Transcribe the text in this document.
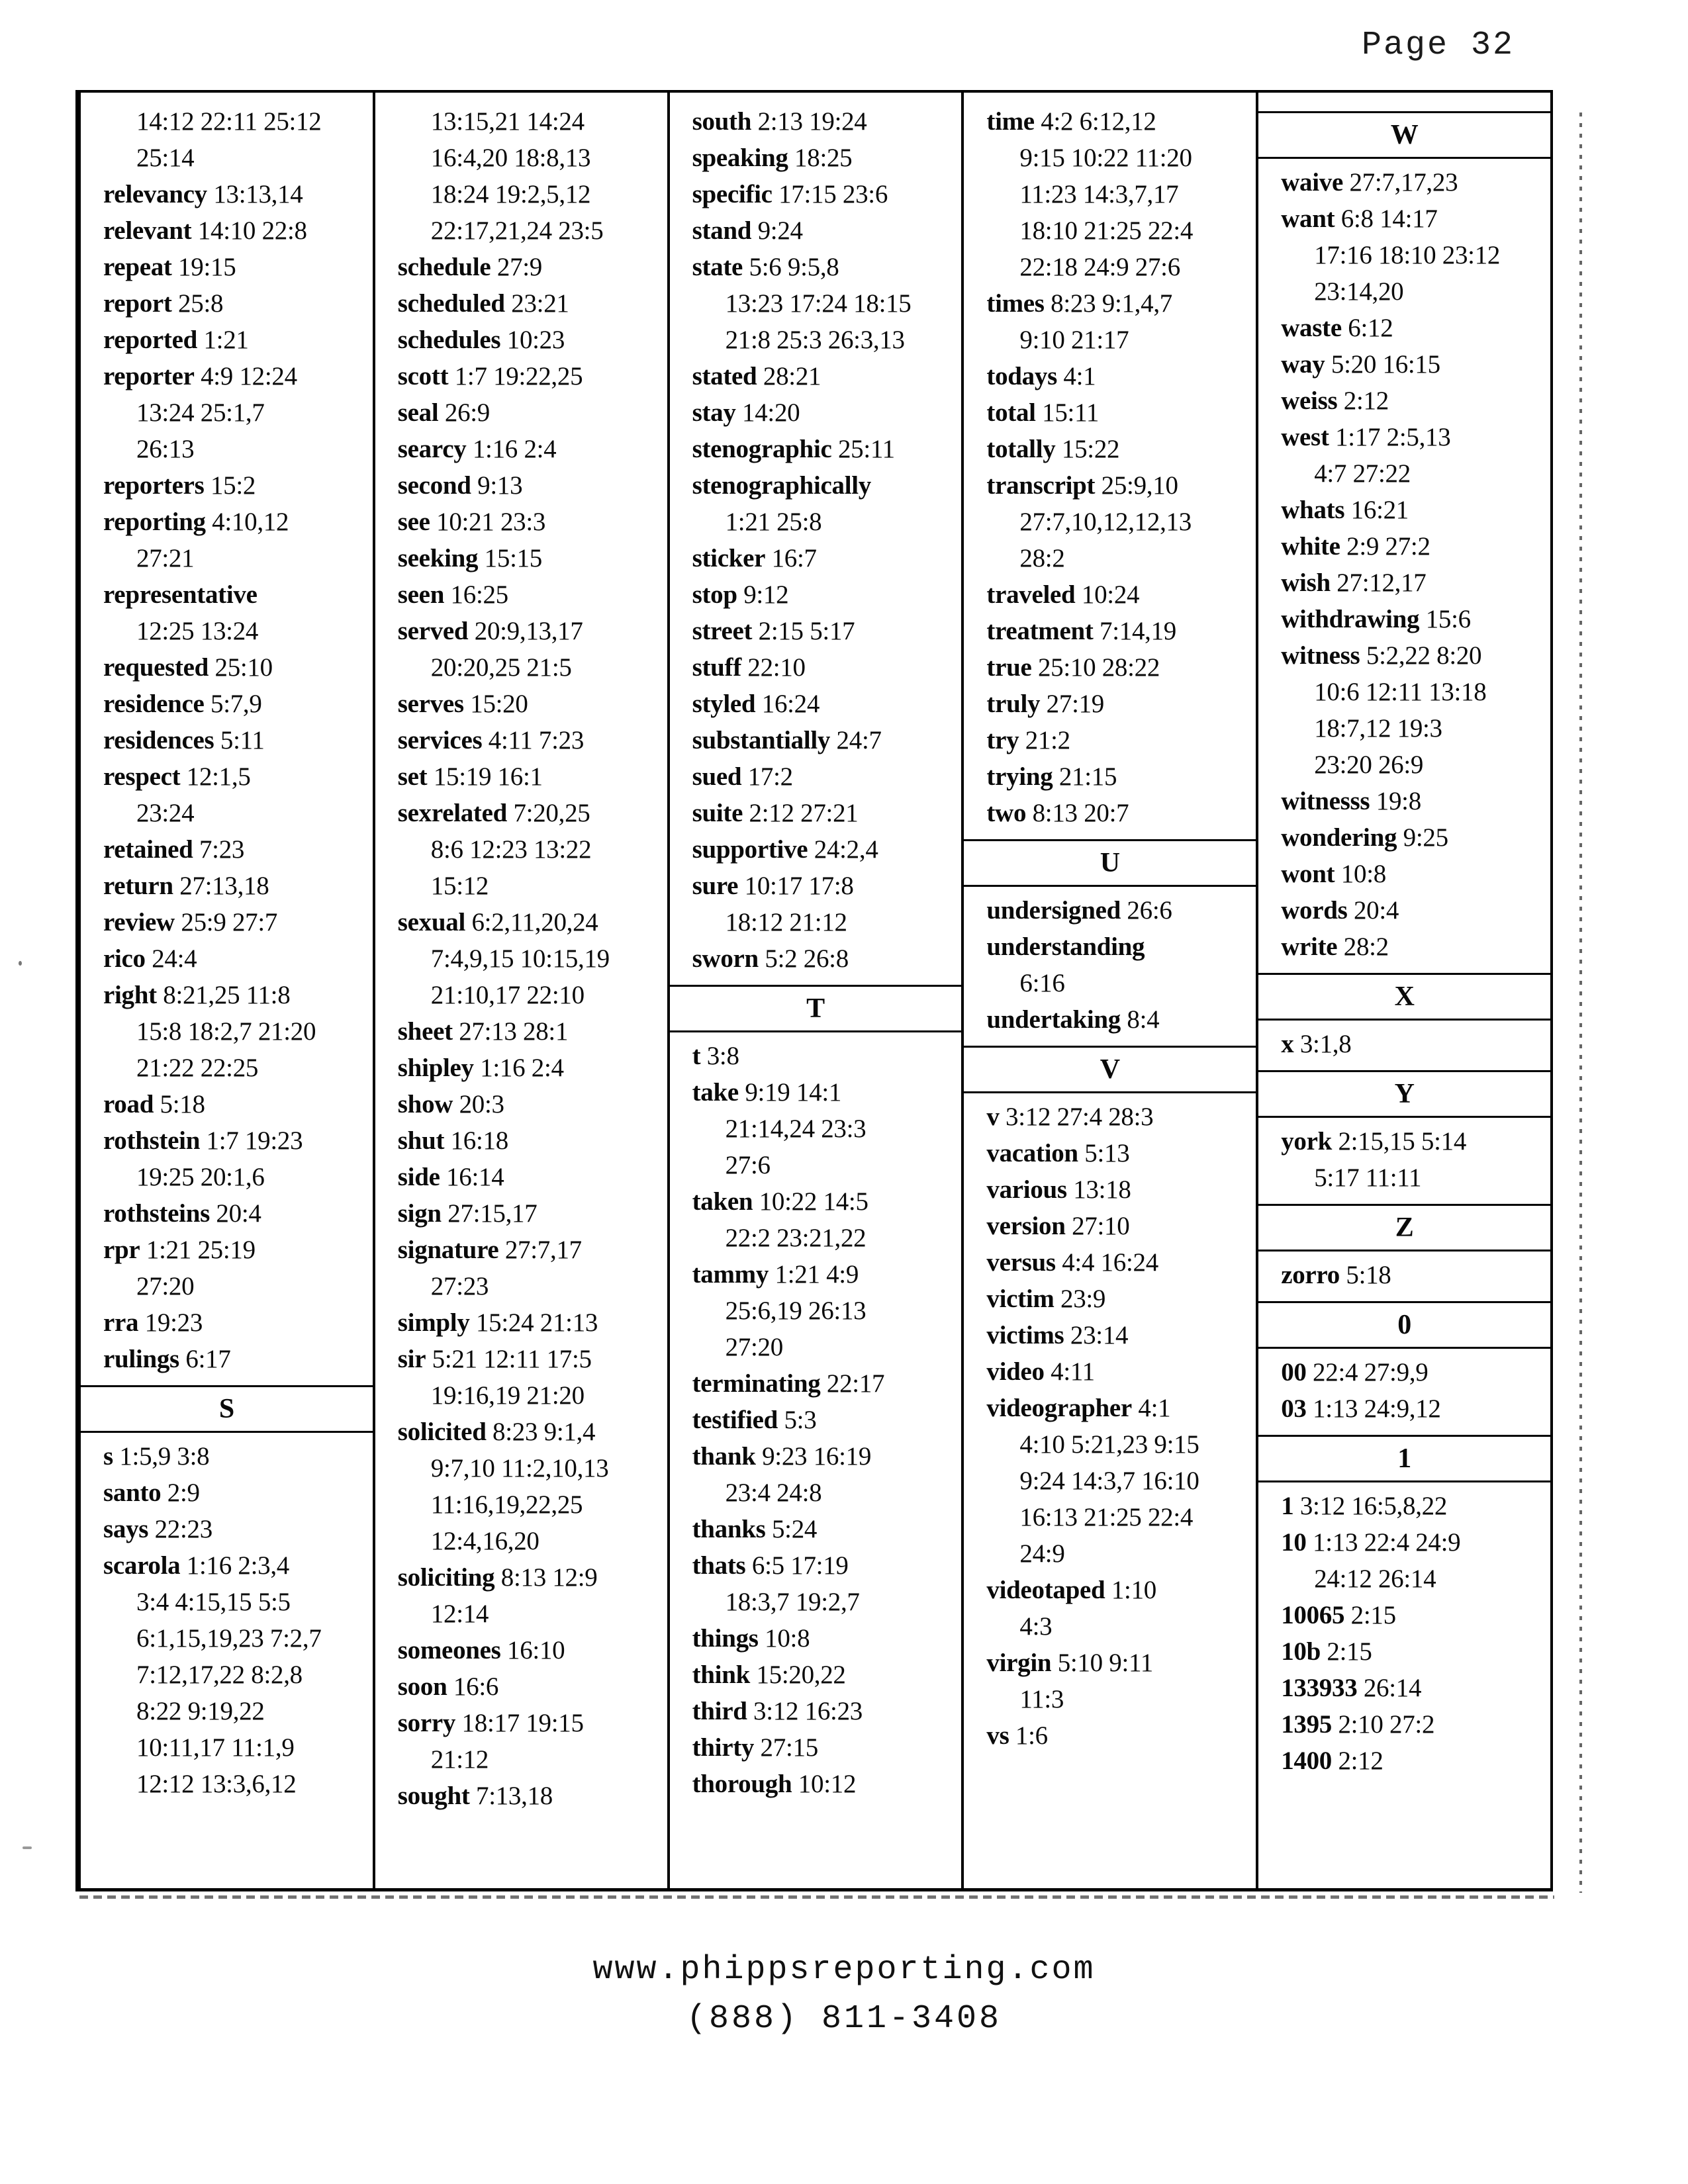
Page 32
14:12 22:11 25:12
25:14
relevancy 13:13,14
relevant 14:10 22:8
repeat 19:15
report 25:8
reported 1:21
reporter 4:9 12:24
13:24 25:1,7
26:13
reporters 15:2
reporting 4:10,12
27:21
representative
12:25 13:24
requested 25:10
residence 5:7,9
residences 5:11
respect 12:1,5
23:24
retained 7:23
return 27:13,18
review 25:9 27:7
rico 24:4
right 8:21,25 11:8
15:8 18:2,7 21:20
21:22 22:25
road 5:18
rothstein 1:7 19:23
19:25 20:1,6
rothsteins 20:4
rpr 1:21 25:19
27:20
rra 19:23
rulings 6:17
S
s 1:5,9 3:8
santo 2:9
says 22:23
scarola 1:16 2:3,4
3:4 4:15,15 5:5
6:1,15,19,23 7:2,7
7:12,17,22 8:2,8
8:22 9:19,22
10:11,17 11:1,9
12:12 13:3,6,12
13:15,21 14:24
16:4,20 18:8,13
18:24 19:2,5,12
22:17,21,24 23:5
schedule 27:9
scheduled 23:21
schedules 10:23
scott 1:7 19:22,25
seal 26:9
searcy 1:16 2:4
second 9:13
see 10:21 23:3
seeking 15:15
seen 16:25
served 20:9,13,17
20:20,25 21:5
serves 15:20
services 4:11 7:23
set 15:19 16:1
sexrelated 7:20,25
8:6 12:23 13:22
15:12
sexual 6:2,11,20,24
7:4,9,15 10:15,19
21:10,17 22:10
sheet 27:13 28:1
shipley 1:16 2:4
show 20:3
shut 16:18
side 16:14
sign 27:15,17
signature 27:7,17
27:23
simply 15:24 21:13
sir 5:21 12:11 17:5
19:16,19 21:20
solicited 8:23 9:1,4
9:7,10 11:2,10,13
11:16,19,22,25
12:4,16,20
soliciting 8:13 12:9
12:14
someones 16:10
soon 16:6
sorry 18:17 19:15
21:12
sought 7:13,18
south 2:13 19:24
speaking 18:25
specific 17:15 23:6
stand 9:24
state 5:6 9:5,8
13:23 17:24 18:15
21:8 25:3 26:3,13
stated 28:21
stay 14:20
stenographic 25:11
stenographically
1:21 25:8
sticker 16:7
stop 9:12
street 2:15 5:17
stuff 22:10
styled 16:24
substantially 24:7
sued 17:2
suite 2:12 27:21
supportive 24:2,4
sure 10:17 17:8
18:12 21:12
sworn 5:2 26:8
T
t 3:8
take 9:19 14:1
21:14,24 23:3
27:6
taken 10:22 14:5
22:2 23:21,22
tammy 1:21 4:9
25:6,19 26:13
27:20
terminating 22:17
testified 5:3
thank 9:23 16:19
23:4 24:8
thanks 5:24
thats 6:5 17:19
18:3,7 19:2,7
things 10:8
think 15:20,22
third 3:12 16:23
thirty 27:15
thorough 10:12
time 4:2 6:12,12
9:15 10:22 11:20
11:23 14:3,7,17
18:10 21:25 22:4
22:18 24:9 27:6
times 8:23 9:1,4,7
9:10 21:17
todays 4:1
total 15:11
totally 15:22
transcript 25:9,10
27:7,10,12,12,13
28:2
traveled 10:24
treatment 7:14,19
true 25:10 28:22
truly 27:19
try 21:2
trying 21:15
two 8:13 20:7
U
undersigned 26:6
understanding
6:16
undertaking 8:4
V
v 3:12 27:4 28:3
vacation 5:13
various 13:18
version 27:10
versus 4:4 16:24
victim 23:9
victims 23:14
video 4:11
videographer 4:1
4:10 5:21,23 9:15
9:24 14:3,7 16:10
16:13 21:25 22:4
24:9
videotaped 1:10
4:3
virgin 5:10 9:11
11:3
vs 1:6
W
waive 27:7,17,23
want 6:8 14:17
17:16 18:10 23:12
23:14,20
waste 6:12
way 5:20 16:15
weiss 2:12
west 1:17 2:5,13
4:7 27:22
whats 16:21
white 2:9 27:2
wish 27:12,17
withdrawing 15:6
witness 5:2,22 8:20
10:6 12:11 13:18
18:7,12 19:3
23:20 26:9
witnesss 19:8
wondering 9:25
wont 10:8
words 20:4
write 28:2
X
x 3:1,8
Y
york 2:15,15 5:14
5:17 11:11
Z
zorro 5:18
0
00 22:4 27:9,9
03 1:13 24:9,12
1
1 3:12 16:5,8,22
10 1:13 22:4 24:9
24:12 26:14
10065 2:15
10b 2:15
133933 26:14
1395 2:10 27:2
1400 2:12
www.phippsreporting.com
(888) 811-3408
